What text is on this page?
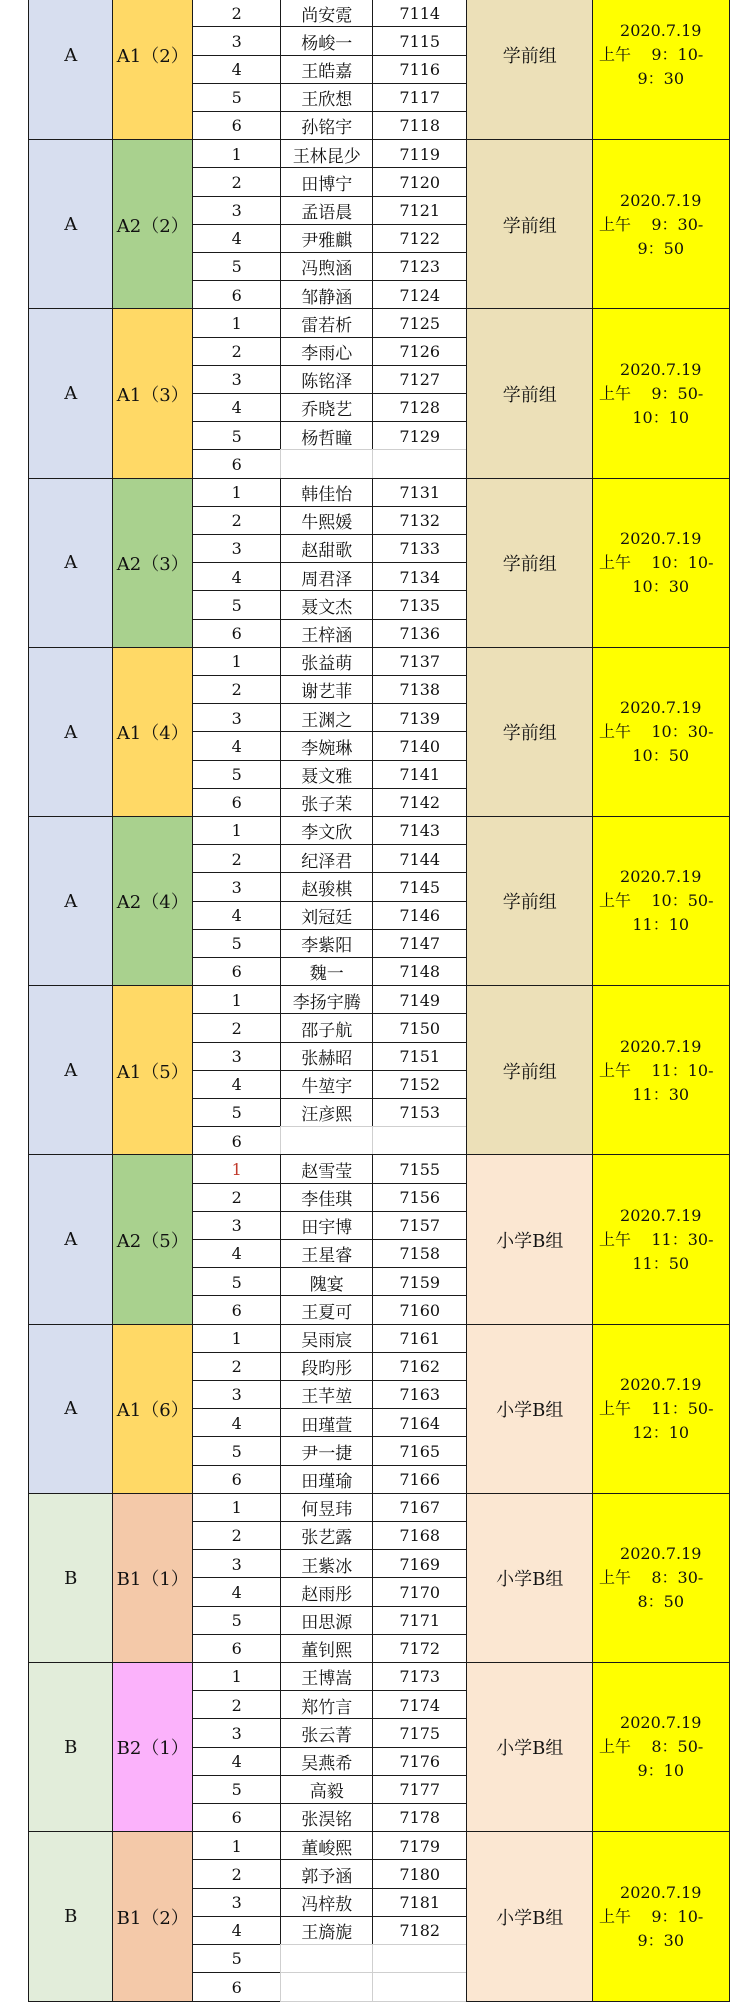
A	A1（2）
2	尚安霓	7114
3	杨峻一	7115
4	王皓嘉	7116
5	王欣想	7117
6	孙铭宇	7118
学前组
2020.7.19
上午    9：10-
9：30
A	A2（2）
1	王林昆少	7119
2	田博宁	7120
3	孟语晨	7121
4	尹雅麒	7122
5	冯煦涵	7123
6	邹静涵	7124
学前组
2020.7.19
上午    9：30-
9：50
A	A1（3）
1	雷若析	7125
2	李雨心	7126
3	陈铭泽	7127
4	乔晓艺	7128
5	杨哲瞳	7129
6
学前组
2020.7.19
上午    9：50-
10：10
A	A2（3）
1	韩佳怡	7131
2	牛熙媛	7132
3	赵甜歌	7133
4	周君泽	7134
5	聂文杰	7135
6	王梓涵	7136
学前组
2020.7.19
上午    10：10-
10：30
A	A1（4）
1	张益萌	7137
2	谢艺菲	7138
3	王渊之	7139
4	李婉琳	7140
5	聂文雅	7141
6	张子茉	7142
学前组
2020.7.19
上午    10：30-
10：50
A	A2（4）
1	李文欣	7143
2	纪泽君	7144
3	赵骏棋	7145
4	刘冠廷	7146
5	李紫阳	7147
6	魏一	7148
学前组
2020.7.19
上午    10：50-
11：10
A	A1（5）
1	李扬宇腾	7149
2	邵子航	7150
3	张赫昭	7151
4	牛堃宇	7152
5	汪彦熙	7153
6
学前组
2020.7.19
上午    11：10-
11：30
A	A2（5）
1	赵雪莹	7155
2	李佳琪	7156
3	田宇博	7157
4	王星睿	7158
5	隗宴	7159
6	王夏可	7160
小学B组
2020.7.19
上午    11：30-
11：50
A	A1（6）
1	吴雨宸	7161
2	段昀彤	7162
3	王芊堃	7163
4	田瑾萱	7164
5	尹一捷	7165
6	田瑾瑜	7166
小学B组
2020.7.19
上午    11：50-
12：10
B	B1（1）
1	何昱玮	7167
2	张艺露	7168
3	王紫冰	7169
4	赵雨彤	7170
5	田思源	7171
6	董钊熙	7172
小学B组
2020.7.19
上午    8：30-
8：50
B	B2（1）
1	王博嵩	7173
2	郑竹言	7174
3	张云菁	7175
4	吴燕希	7176
5	高毅	7177
6	张淏铭	7178
小学B组
2020.7.19
上午    8：50-
9：10
B	B1（2）
1	董峻熙	7179
2	郭予涵	7180
3	冯梓敖	7181
4	王旖旎	7182
5
6
小学B组
2020.7.19
上午    9：10-
9：30
